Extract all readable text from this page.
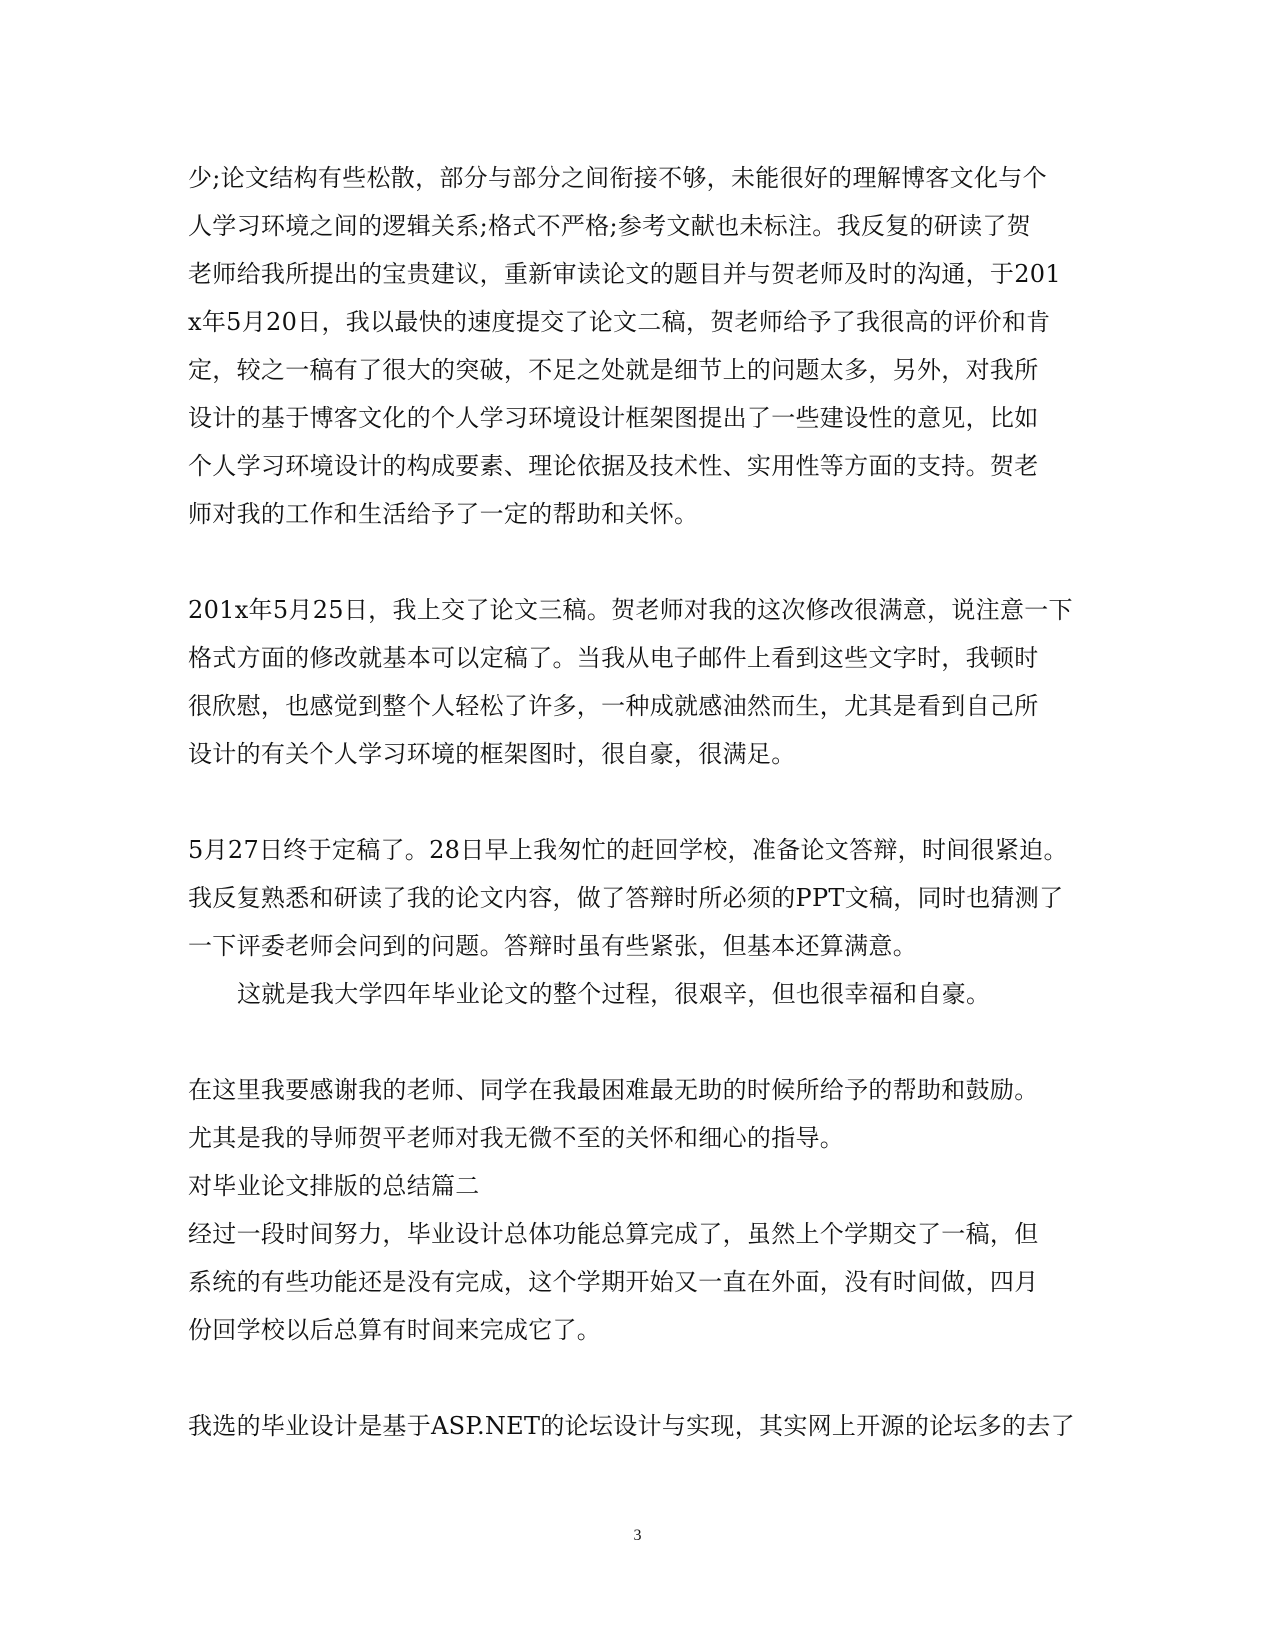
少;论文结构有些松散，部分与部分之间衔接不够，未能很好的理解博客文化与个
人学习环境之间的逻辑关系;格式不严格;参考文献也未标注。我反复的研读了贺
老师给我所提出的宝贵建议，重新审读论文的题目并与贺老师及时的沟通，于201
x年5月20日，我以最快的速度提交了论文二稿，贺老师给予了我很高的评价和肯
定，较之一稿有了很大的突破，不足之处就是细节上的问题太多，另外，对我所
设计的基于博客文化的个人学习环境设计框架图提出了一些建设性的意见，比如
个人学习环境设计的构成要素、理论依据及技术性、实用性等方面的支持。贺老
师对我的工作和生活给予了一定的帮助和关怀。
201x年5月25日，我上交了论文三稿。贺老师对我的这次修改很满意，说注意一下
格式方面的修改就基本可以定稿了。当我从电子邮件上看到这些文字时，我顿时
很欣慰，也感觉到整个人轻松了许多，一种成就感油然而生，尤其是看到自己所
设计的有关个人学习环境的框架图时，很自豪，很满足。
5月27日终于定稿了。28日早上我匆忙的赶回学校，准备论文答辩，时间很紧迫。
我反复熟悉和研读了我的论文内容，做了答辩时所必须的PPT文稿，同时也猜测了
一下评委老师会问到的问题。答辩时虽有些紧张，但基本还算满意。
这就是我大学四年毕业论文的整个过程，很艰辛，但也很幸福和自豪。
在这里我要感谢我的老师、同学在我最困难最无助的时候所给予的帮助和鼓励。
尤其是我的导师贺平老师对我无微不至的关怀和细心的指导。
对毕业论文排版的总结篇二
经过一段时间努力，毕业设计总体功能总算完成了，虽然上个学期交了一稿，但
系统的有些功能还是没有完成，这个学期开始又一直在外面，没有时间做，四月
份回学校以后总算有时间来完成它了。
我选的毕业设计是基于ASP.NET的论坛设计与实现，其实网上开源的论坛多的去了
3
